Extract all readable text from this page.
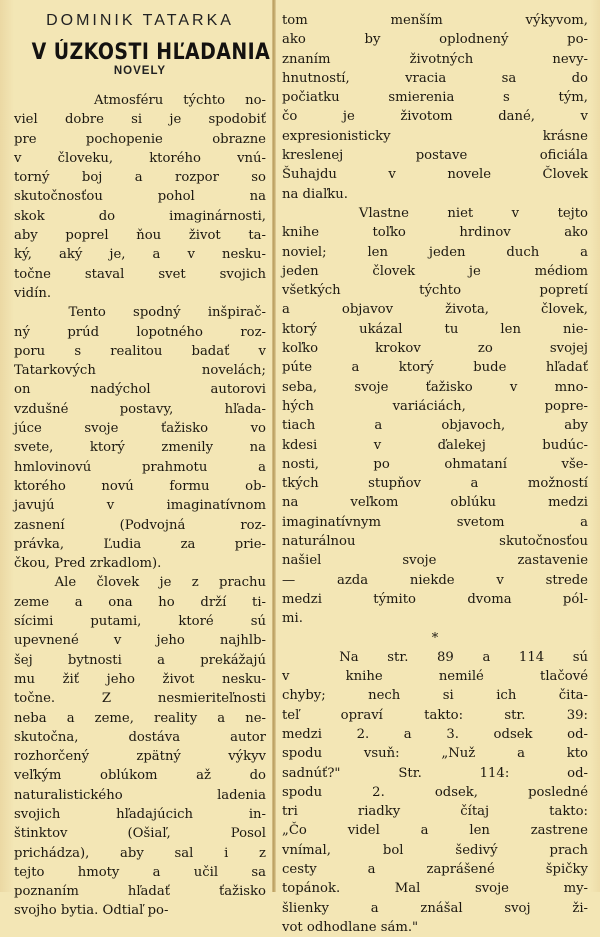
DOMINIK TATARKA
V ÚZKOSTI HĽADANIA
NOVELY
Atmosféru týchto no-
viel dobre si je spodobiť
pre pochopenie obrazne
v človeku, ktorého vnú-
torný boj a rozpor so
skutočnosťou pohol na
skok do imaginárnosti,
aby poprel ňou život ta-
ký, aký je, a v nesku-
točne staval svet svojich
vidín.
Tento spodný inšpirač-
ný prúd lopotného roz-
poru s realitou badať v
Tatarkových novelách;
on nadýchol autorovi
vzdušné postavy, hľada-
júce svoje ťažisko vo
svete, ktorý zmenily na
hmlovinovú prahmotu a
ktorého novú formu ob-
javujú v imaginatívnom
zasnení (Podvojná roz-
právka, Ľudia za prie-
čkou, Pred zrkadlom).
Ale človek je z prachu
zeme a ona ho drží ti-
sícimi putami, ktoré sú
upevnené v jeho najhlb-
šej bytnosti a prekážajú
mu žiť jeho život nesku-
točne. Z nesmieriteľnosti
neba a zeme, reality a ne-
skutočna, dostáva autor
rozhorčený zpätný výkyv
veľkým oblúkom až do
naturalistického ladenia
svojich hľadajúcich in-
štinktov (Ošiaľ, Posol
prichádza), aby sal i z
tejto hmoty a učil sa
poznaním hľadať ťažisko
svojho bytia. Odtiaľ po-
tom menším výkyvom,
ako by oplodnený po-
znaním životných nevy-
hnutností, vracia sa do
počiatku smierenia s tým,
čo je životom dané, v
expresionisticky krásne
kreslenej postave oficiála
Šuhajdu v novele Človek
na diaľku.
Vlastne niet v tejto
knihe toľko hrdinov ako
noviel; len jeden duch a
jeden človek je médiom
všetkých týchto popretí
a objavov života, človek,
ktorý ukázal tu len nie-
koľko krokov zo svojej
púte a ktorý bude hľadať
seba, svoje ťažisko v mno-
hých variáciách, popre-
tiach a objavoch, aby
kdesi v ďalekej budúc-
nosti, po ohmataní vše-
tkých stupňov a možností
na veľkom oblúku medzi
imaginatívnym svetom a
naturálnou skutočnosťou
našiel svoje zastavenie
— azda niekde v strede
medzi týmito dvoma pól-
mi.
*
Na str. 89 a 114 sú
v knihe nemilé tlačové
chyby; nech si ich čita-
teľ opraví takto: str. 39:
medzi 2. a 3. odsek od-
spodu vsuň: „Nuž a kto
sadnúť?" Str. 114: od-
spodu 2. odsek, posledné
tri riadky čítaj takto:
„Čo videl a len zastrene
vnímal, bol šedivý prach
cesty a zaprášené špičky
topánok. Mal svoje my-
šlienky a znášal svoj ži-
vot odhodlane sám."
